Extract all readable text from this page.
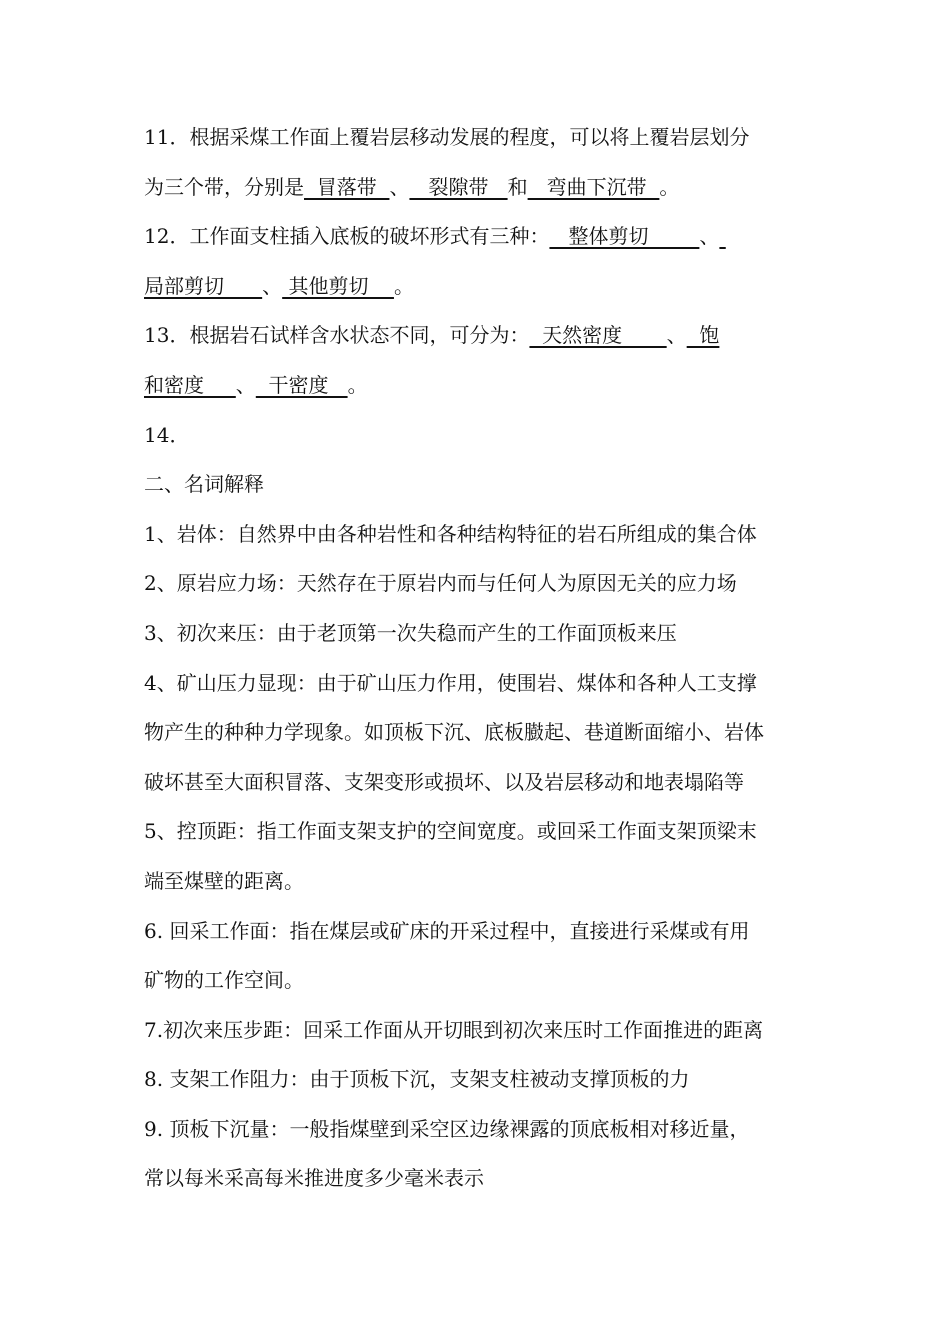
11．根据采煤工作面上覆岩层移动发展的程度，可以将上覆岩层划分
为三个带，分别是  冒落带  、   裂隙带   和   弯曲下沉带  。
12．工作面支柱插入底板的破坏形式有三种：   整体剪切        、
局部剪切 、 其他剪切    。
13．根据岩石试样含水状态不同，可分为：  天然密度       、  饱
和密度     、  干密度   。
14．
二、名词解释
1、岩体：自然界中由各种岩性和各种结构特征的岩石所组成的集合体
2、原岩应力场：天然存在于原岩内而与任何人为原因无关的应力场
3、初次来压：由于老顶第一次失稳而产生的工作面顶板来压
4、矿山压力显现：由于矿山压力作用，使围岩、煤体和各种人工支撑
物产生的种种力学现象。如顶板下沉、底板臌起、巷道断面缩小、岩体
破坏甚至大面积冒落、支架变形或损坏、以及岩层移动和地表塌陷等
5、控顶距：指工作面支架支护的空间宽度。或回采工作面支架顶梁末
端至煤壁的距离。
6. 回采工作面：指在煤层或矿床的开采过程中，直接进行采煤或有用
矿物的工作空间。
7.初次来压步距：回采工作面从开切眼到初次来压时工作面推进的距离
8. 支架工作阻力：由于顶板下沉，支架支柱被动支撑顶板的力
9. 顶板下沉量：一般指煤壁到采空区边缘裸露的顶底板相对移近量，
常以每米采高每米推进度多少毫米表示
